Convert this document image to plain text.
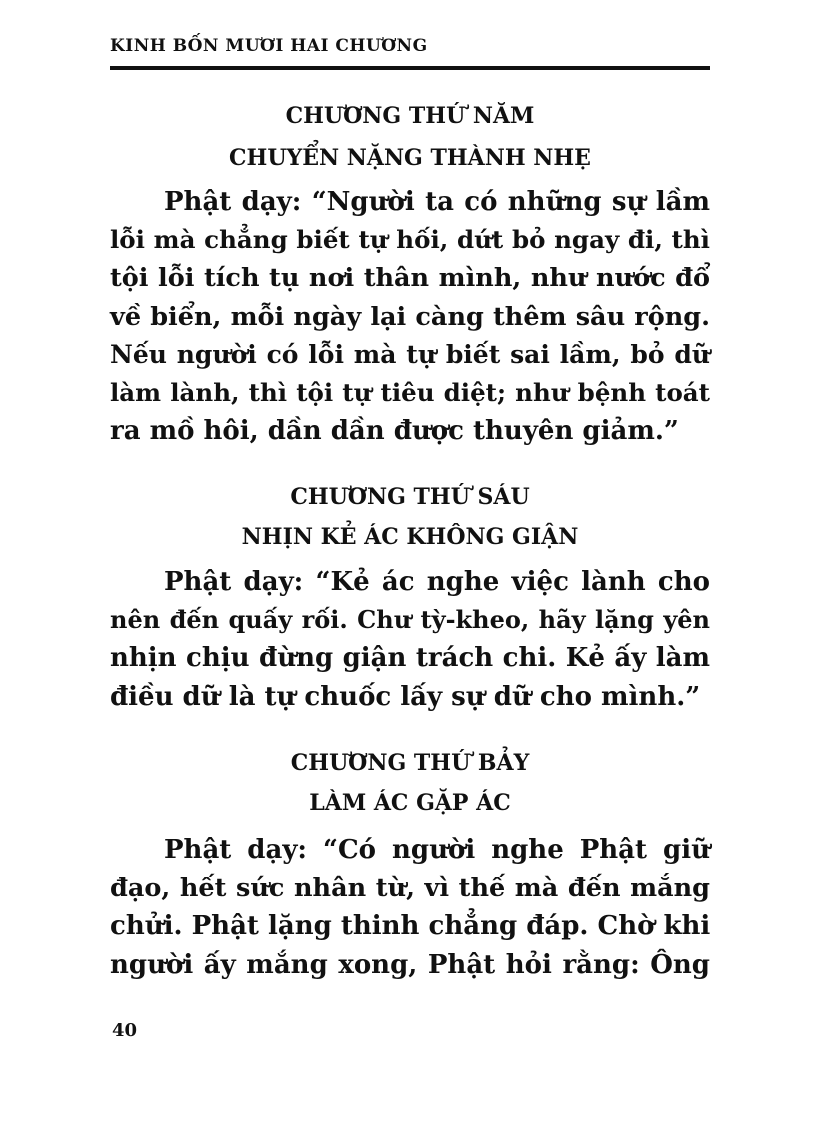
KINH BỐN MƯƠI HAI CHƯƠNG
CHƯƠNG THỨ NĂM
CHUYỂN NẶNG THÀNH NHẸ
Phật dạy: “Người ta có những sự lầm
lỗi mà chẳng biết tự hối, dứt bỏ ngay đi, thì
tội lỗi tích tụ nơi thân mình, như nước đổ
về biển, mỗi ngày lại càng thêm sâu rộng.
Nếu người có lỗi mà tự biết sai lầm, bỏ dữ
làm lành, thì tội tự tiêu diệt; như bệnh toát
ra mồ hôi, dần dần được thuyên giảm.”
CHƯƠNG THỨ SÁU
NHỊN KẺ ÁC KHÔNG GIẬN
Phật dạy: “Kẻ ác nghe việc lành cho
nên đến quấy rối. Chư tỳ-kheo, hãy lặng yên
nhịn chịu đừng giận trách chi. Kẻ ấy làm
điều dữ là tự chuốc lấy sự dữ cho mình.”
CHƯƠNG THỨ BẢY
LÀM ÁC GẶP ÁC
Phật dạy: “Có người nghe Phật giữ
đạo, hết sức nhân từ, vì thế mà đến mắng
chửi. Phật lặng thinh chẳng đáp. Chờ khi
người ấy mắng xong, Phật hỏi rằng: Ông
40
